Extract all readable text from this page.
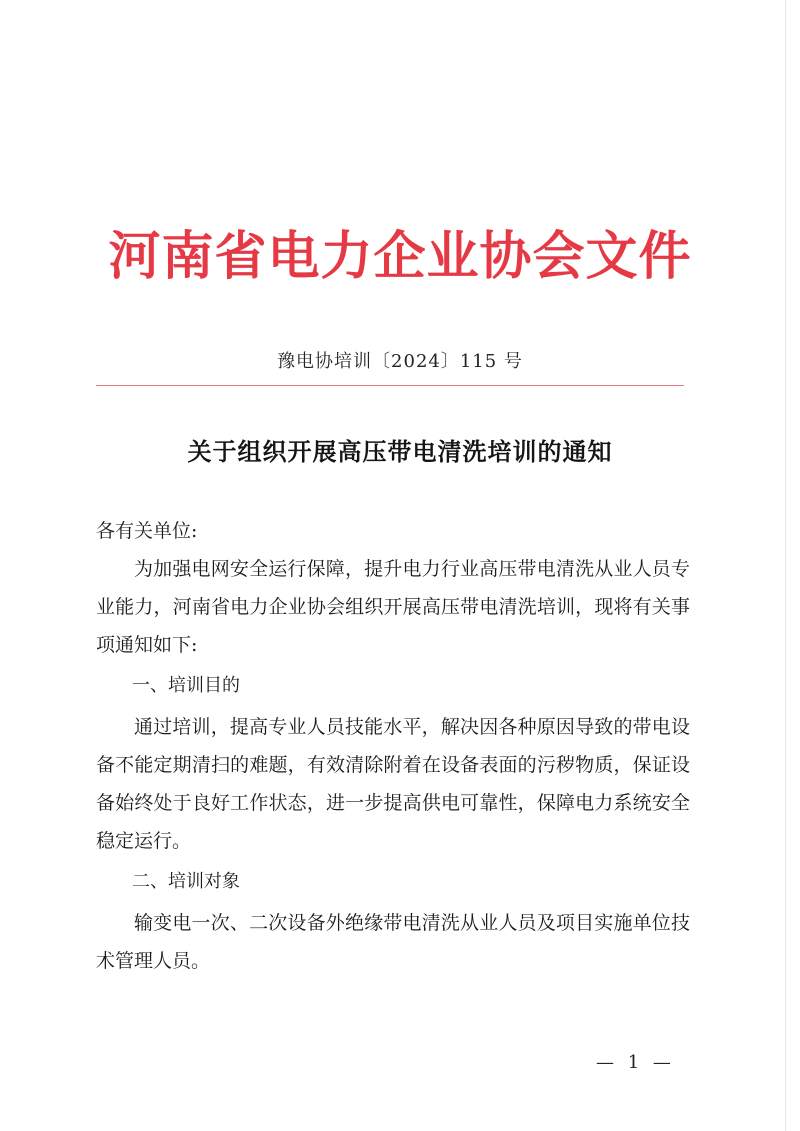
河南省电力企业协会文件
豫电协培训〔2024〕115 号
关于组织开展高压带电清洗培训的通知

各有关单位:

为加强电网安全运行保障，提升电力行业高压带电清洗从业人员专业能力，河南省电力企业协会组织开展高压带电清洗培训，现将有关事项通知如下:

一、培训目的

通过培训，提高专业人员技能水平，解决因各种原因导致的带电设备不能定期清扫的难题，有效清除附着在设备表面的污秽物质，保证设备始终处于良好工作状态，进一步提高供电可靠性，保障电力系统安全稳定运行。

二、培训对象

输变电一次、二次设备外绝缘带电清洗从业人员及项目实施单位技术管理人员。

— 1 —
